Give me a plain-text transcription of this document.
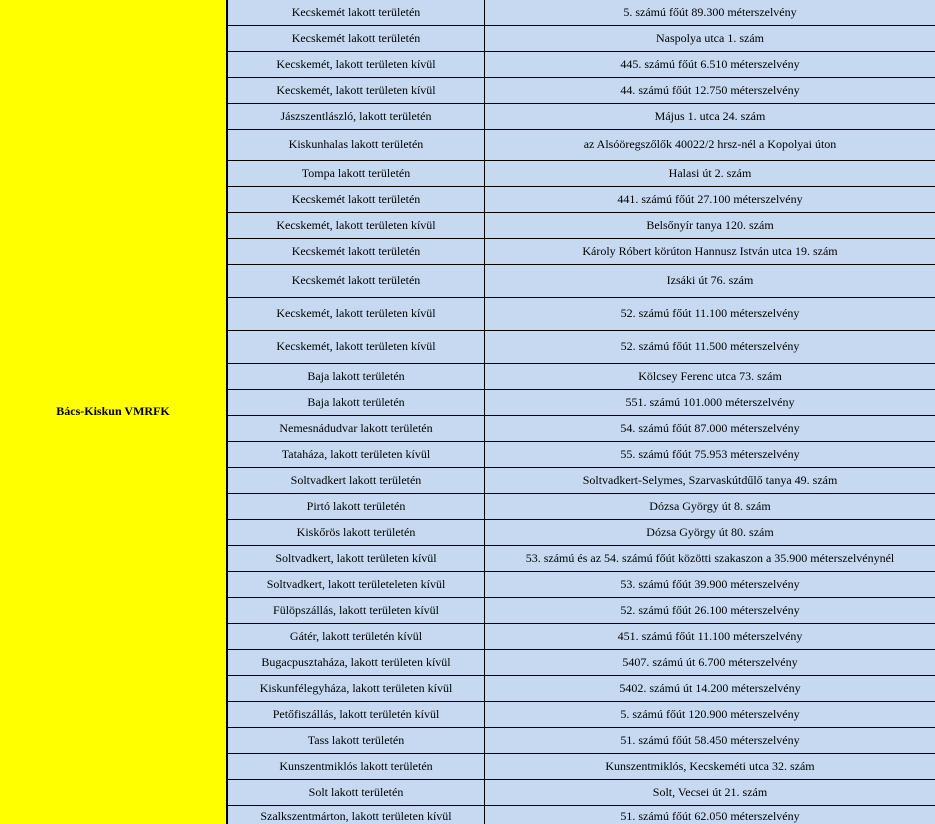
Bács-Kiskun VMRFK
Kecskemét lakott területén	5. számú főút 89.300 méterszelvény
Kecskemét lakott területén	Naspolya utca 1. szám
Kecskemét, lakott területen kívül	445. számú főút 6.510 méterszelvény
Kecskemét, lakott területen kívül	44. számú főút 12.750 méterszelvény
Jászszentlászló, lakott területén	Május 1. utca 24. szám
Kiskunhalas lakott területén	az Alsóöregszőlők 40022/2 hrsz-nél a Kopolyai úton
Tompa lakott területén	Halasi út 2. szám
Kecskemét lakott területén	441. számú főút 27.100 méterszelvény
Kecskemét, lakott területen kívül	Belsőnyír tanya 120. szám
Kecskemét lakott területén	Károly Róbert körúton Hannusz István utca 19. szám
Kecskemét lakott területén	Izsáki út 76. szám
Kecskemét, lakott területen kívül	52. számú főút 11.100 méterszelvény
Kecskemét, lakott területen kívül	52. számú főút 11.500 méterszelvény
Baja lakott területén	Kölcsey Ferenc utca 73. szám
Baja lakott területén	551. számú 101.000 méterszelvény
Nemesnádudvar lakott területén	54. számú főút 87.000 méterszelvény
Tataháza, lakott területen kívül	55. számú főút 75.953 méterszelvény
Soltvadkert lakott területén	Soltvadkert-Selymes, Szarvaskútdűlő tanya 49. szám
Pirtó lakott területén	Dózsa György út 8. szám
Kiskőrös lakott területén	Dózsa György út 80. szám
Soltvadkert, lakott területen kívül	53. számú és az 54. számú főút közötti szakaszon a 35.900 méterszelvénynél
Soltvadkert, lakott területeleten kívül	53. számú főút 39.900 méterszelvény
Fülöpszállás, lakott területen kívül	52. számú főút 26.100 méterszelvény
Gátér, lakott területén kívül	451. számú főút 11.100 méterszelvény
Bugacpusztaháza, lakott területen kívül	5407. számú út 6.700 méterszelvény
Kiskunfélegyháza, lakott területen kívül	5402. számú út 14.200 méterszelvény
Petőfiszállás, lakott területén kívül	5. számú főút 120.900 méterszelvény
Tass lakott területén	51. számú főút 58.450 méterszelvény
Kunszentmiklós lakott területén	Kunszentmiklós, Kecskeméti utca 32. szám
Solt lakott területén	Solt, Vecsei út 21. szám
Szalkszentmárton, lakott területen kívül	51. számú főút 62.050 méterszelvény
